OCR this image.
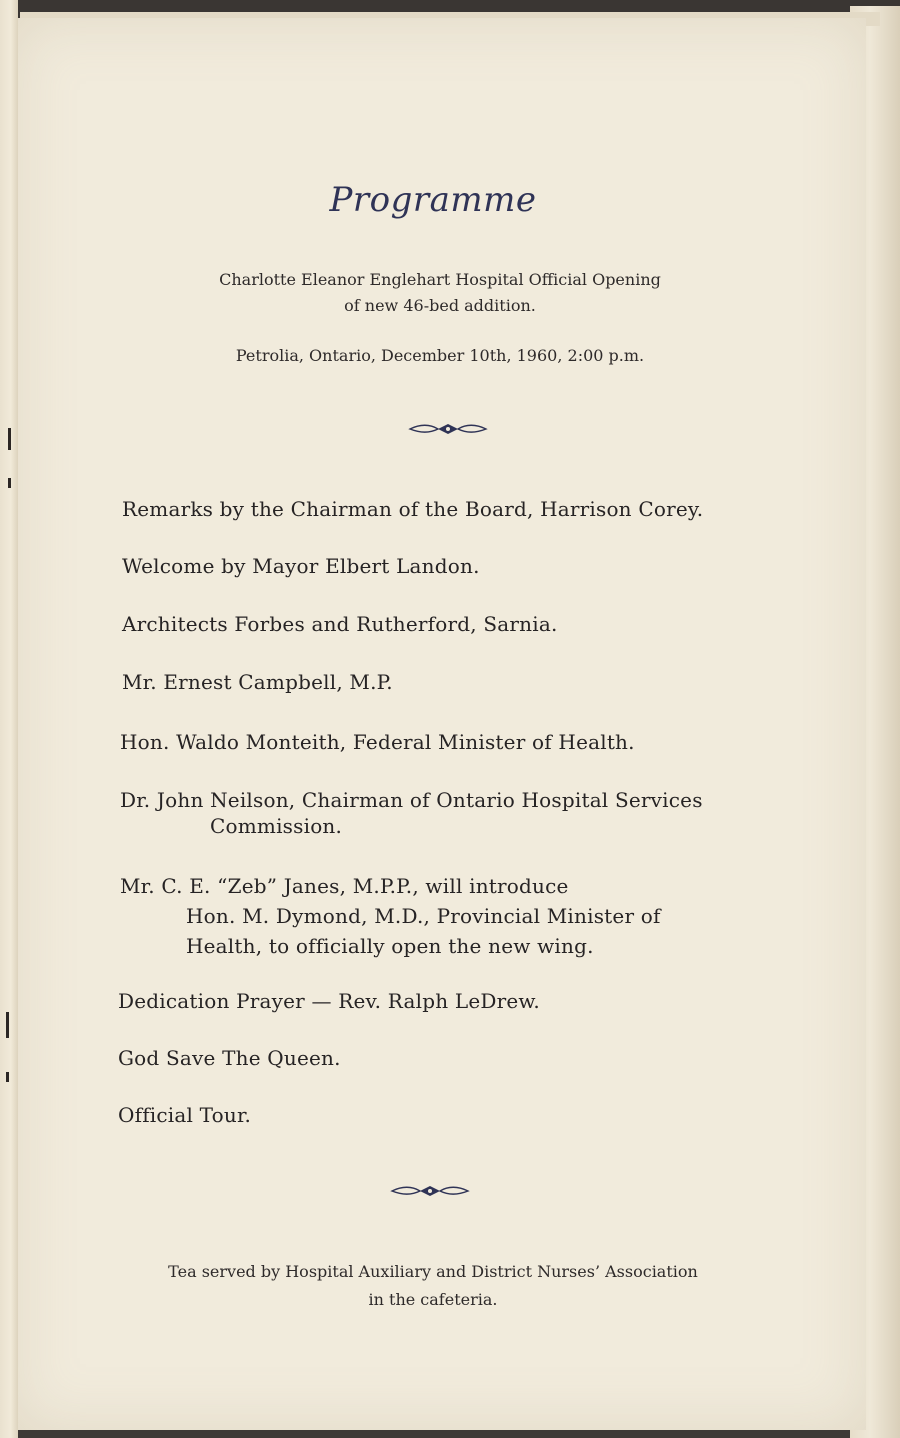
Programme
Charlotte Eleanor Englehart Hospital Official Opening
of new 46-bed addition.
Petrolia, Ontario, December 10th, 1960, 2:00 p.m.
Remarks by the Chairman of the Board, Harrison Corey.
Welcome by Mayor Elbert Landon.
Architects Forbes and Rutherford, Sarnia.
Mr. Ernest Campbell, M.P.
Hon. Waldo Monteith, Federal Minister of Health.
Dr. John Neilson, Chairman of Ontario Hospital Services
Commission.
Mr. C. E. “Zeb” Janes, M.P.P., will introduce
Hon. M. Dymond, M.D., Provincial Minister of
Health, to officially open the new wing.
Dedication Prayer — Rev. Ralph LeDrew.
God Save The Queen.
Official Tour.
Tea served by Hospital Auxiliary and District Nurses’ Association
in the cafeteria.
